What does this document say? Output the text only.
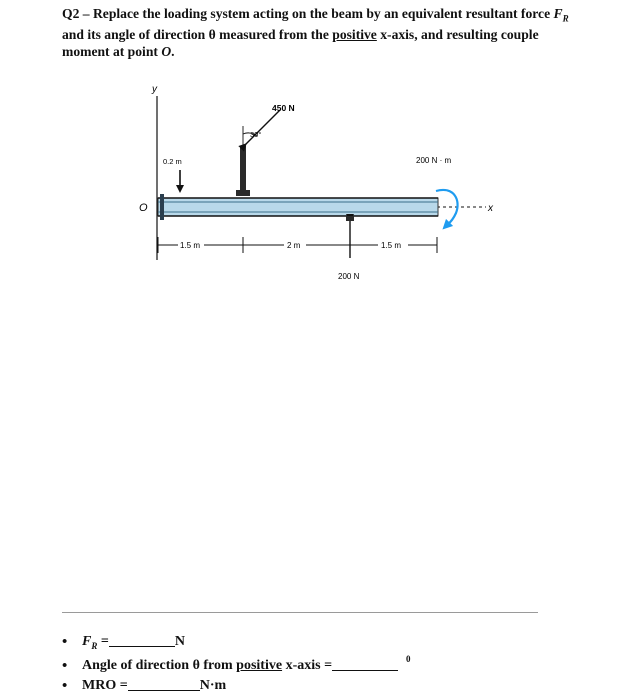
Q2 – Replace the loading system acting on the beam by an equivalent resultant force $F_R$ and its angle of direction θ measured from the positive x-axis, and resulting couple moment at point O.
y
x
O
450 N
30°
0.2 m	200 N · m
200 N
1.5 m	2 m	1.5 m
• $F_R$ =	N
• Angle of direction θ from positive x-axis =	$^0$
• MRO =	N·m
